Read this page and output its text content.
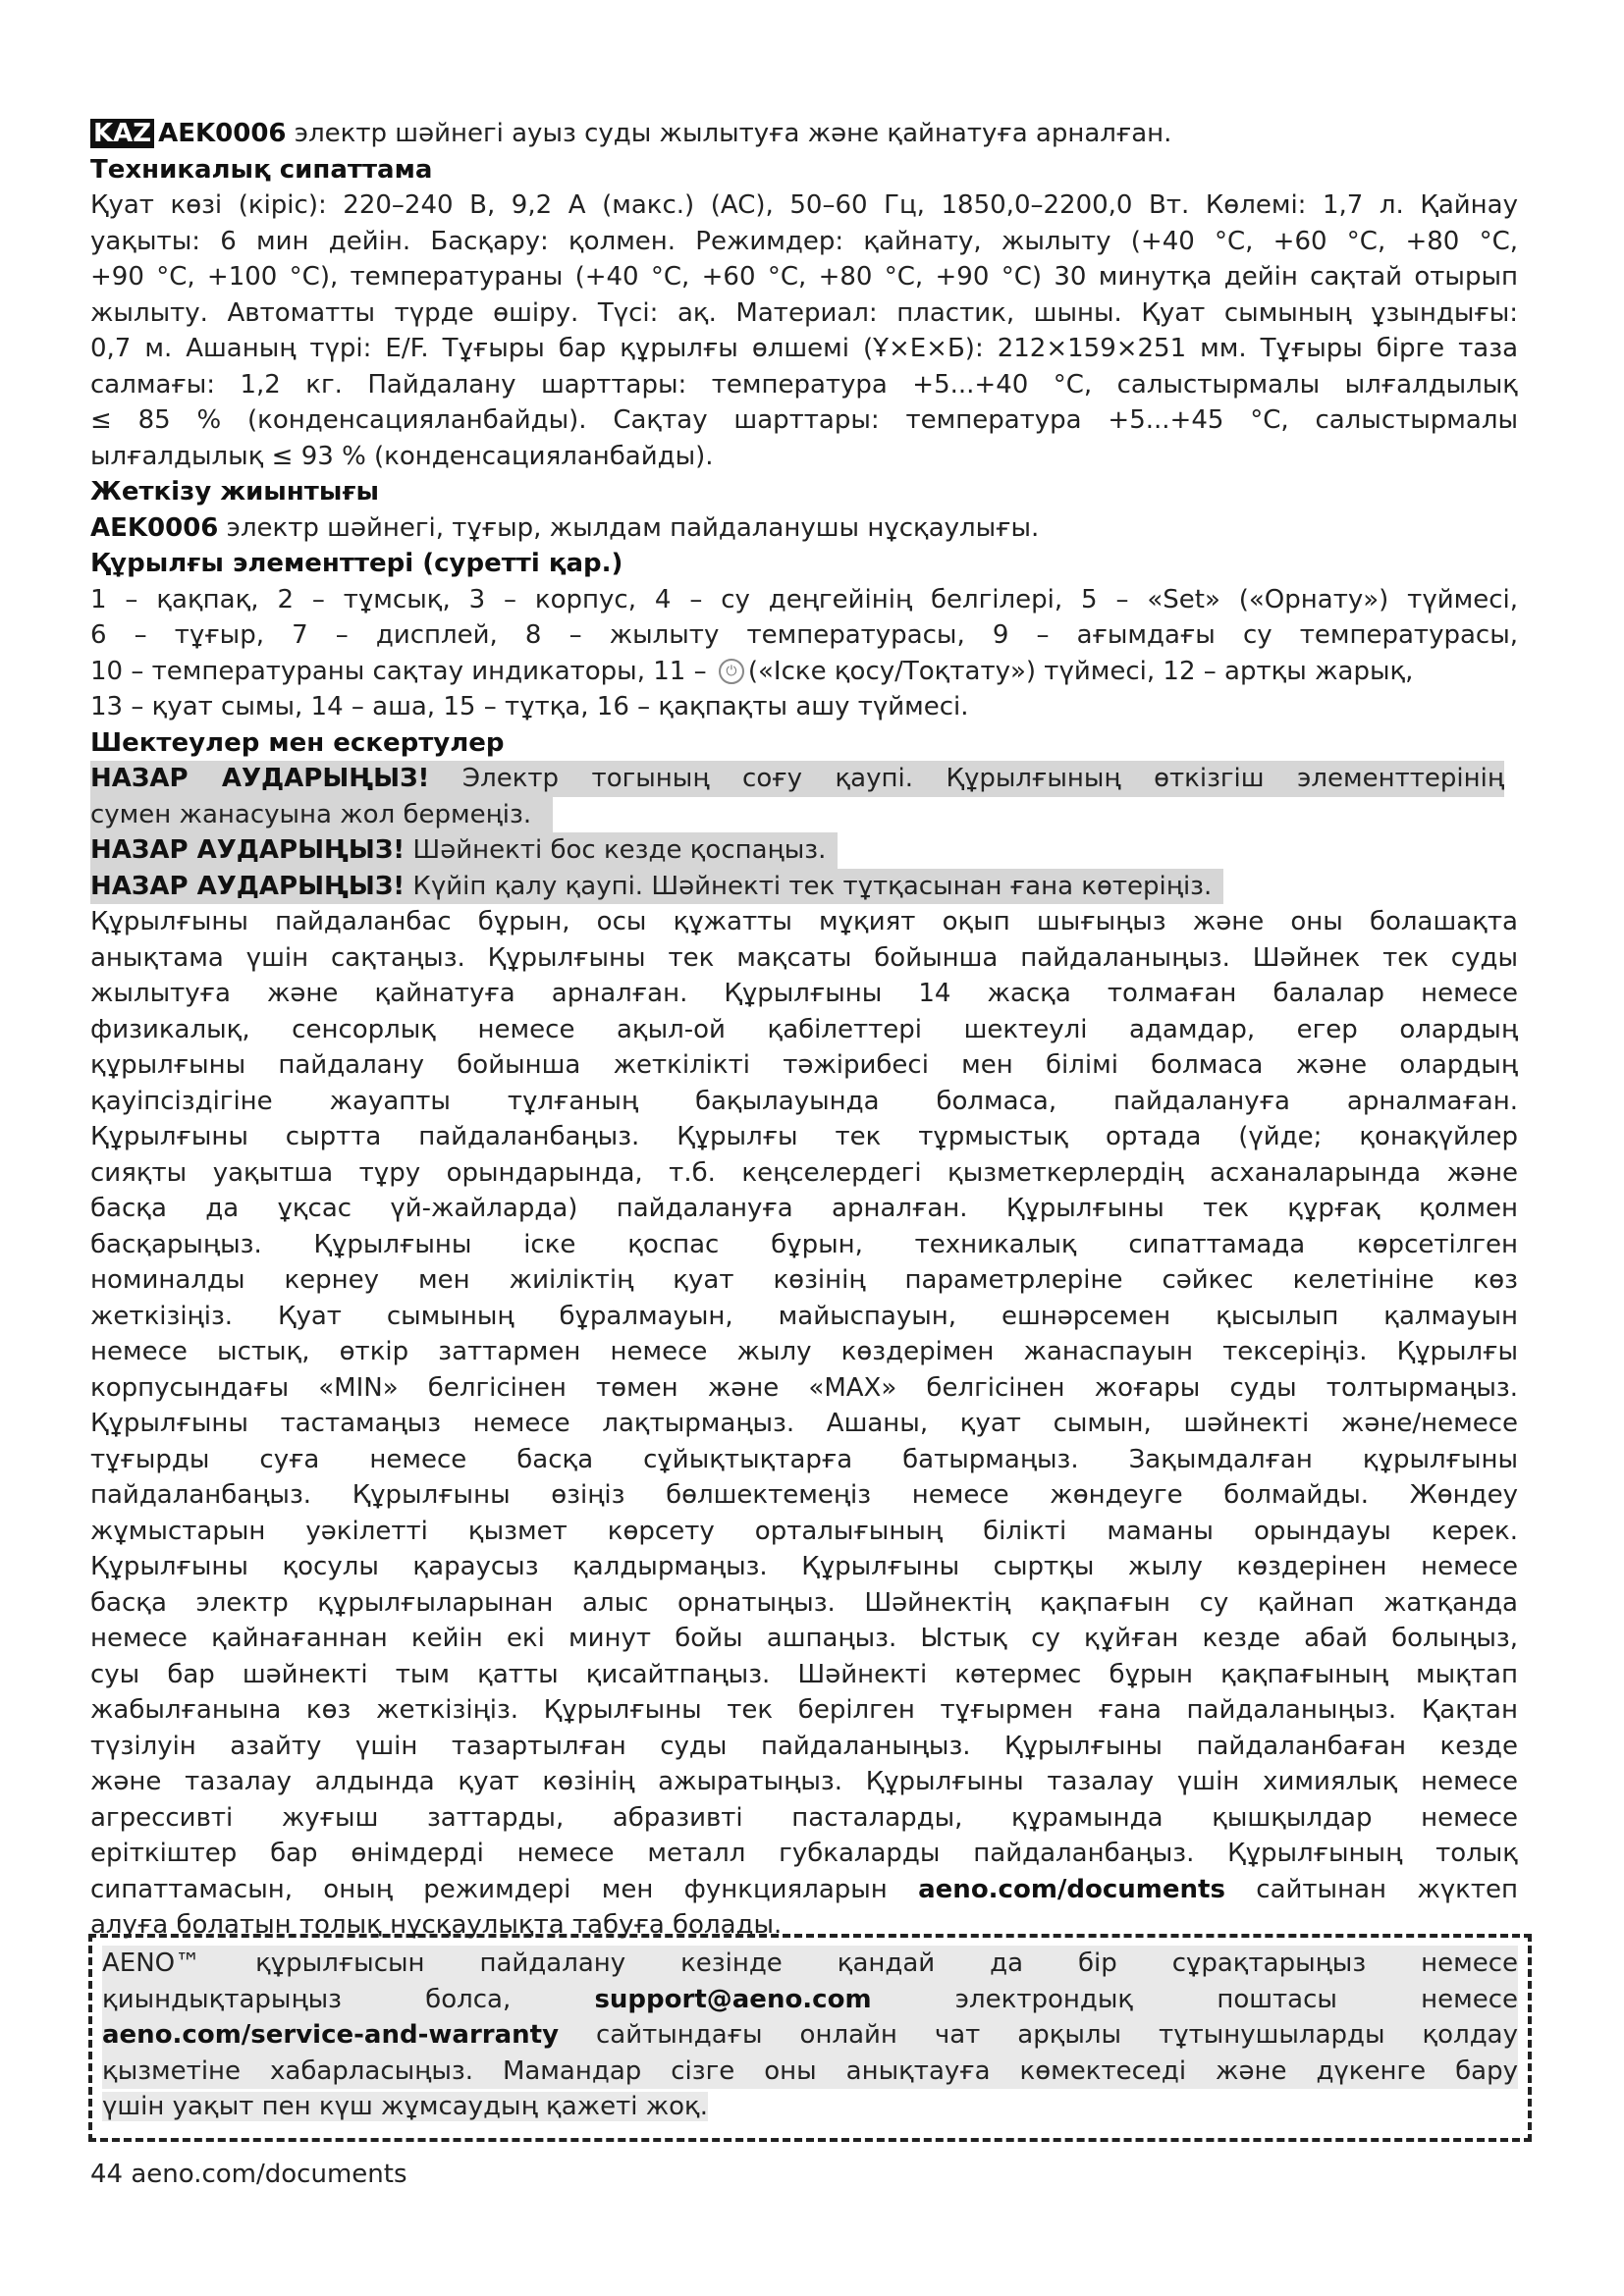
KAZ AEK0006 электр шәйнегі ауыз суды жылытуға және қайнатуға арналған.
Техникалық сипаттама
Қуат көзі (кіріс): 220–240 В, 9,2 А (макс.) (AC), 50–60 Гц, 1850,0–2200,0 Вт. Көлемі: 1,7 л. Қайнау
уақыты: 6 мин дейін. Басқару: қолмен. Режимдер: қайнату, жылыту (+40 °С, +60 °С, +80 °С,
+90 °С, +100 °С), температураны (+40 °С, +60 °С, +80 °С, +90 °С) 30 минутқа дейін сақтай отырып
жылыту. Автоматты түрде өшіру. Түсі: ақ. Материал: пластик, шыны. Қуат сымының ұзындығы:
0,7 м. Ашаның түрі: E/F. Тұғыры бар құрылғы өлшемі (Ұ×Е×Б): 212×159×251 мм. Тұғыры бірге таза
салмағы: 1,2 кг. Пайдалану шарттары: температура +5...+40 °С, салыстырмалы ылғалдылық
≤ 85 % (конденсацияланбайды). Сақтау шарттары: температура +5...+45 °С, салыстырмалы
ылғалдылық ≤ 93 % (конденсацияланбайды).
Жеткізу жиынтығы
AEK0006 электр шәйнегі, тұғыр, жылдам пайдаланушы нұсқаулығы.
Құрылғы элементтері (суретті қар.)
1 – қақпақ, 2 – тұмсық, 3 – корпус, 4 – су деңгейінің белгілері, 5 – «Set» («Орнату») түймесі,
6 – тұғыр, 7 – дисплей, 8 – жылыту температурасы, 9 – ағымдағы су температурасы,
10 – температураны сақтау индикаторы, 11 – ⏻ («Іске қосу/Тоқтату») түймесі, 12 – артқы жарық,
13 – қуат сымы, 14 – аша, 15 – тұтқа, 16 – қақпақты ашу түймесі.
Шектеулер мен ескертулер
НАЗАР АУДАРЫҢЫЗ! Электр тогының соғу қаупі. Құрылғының өткізгіш элементтерінің
сумен жанасуына жол бермеңіз.
НАЗАР АУДАРЫҢЫЗ! Шәйнекті бос кезде қоспаңыз.
НАЗАР АУДАРЫҢЫЗ! Күйіп қалу қаупі. Шәйнекті тек тұтқасынан ғана көтеріңіз.
Құрылғыны пайдаланбас бұрын, осы құжатты мұқият оқып шығыңыз және оны болашақта
анықтама үшін сақтаңыз. Құрылғыны тек мақсаты бойынша пайдаланыңыз. Шәйнек тек суды
жылытуға және қайнатуға арналған. Құрылғыны 14 жасқа толмаған балалар немесе
физикалық, сенсорлық немесе ақыл-ой қабілеттері шектеулі адамдар, егер олардың
құрылғыны пайдалану бойынша жеткілікті тәжірибесі мен білімі болмаса және олардың
қауіпсіздігіне жауапты тұлғаның бақылауында болмаса, пайдалануға арналмаған.
Құрылғыны сыртта пайдаланбаңыз. Құрылғы тек тұрмыстық ортада (үйде; қонақүйлер
сияқты уақытша тұру орындарында, т.б. кеңселердегі қызметкерлердің асханаларында және
басқа да ұқсас үй-жайларда) пайдалануға арналған. Құрылғыны тек құрғақ қолмен
басқарыңыз. Құрылғыны іске қоспас бұрын, техникалық сипаттамада көрсетілген
номиналды кернеу мен жиіліктің қуат көзінің параметрлеріне сәйкес келетініне көз
жеткізіңіз. Қуат сымының бұралмауын, майыспауын, ешнәрсемен қысылып қалмауын
немесе ыстық, өткір заттармен немесе жылу көздерімен жанаспауын тексеріңіз. Құрылғы
корпусындағы «MIN» белгісінен төмен және «MAX» белгісінен жоғары суды толтырмаңыз.
Құрылғыны тастамаңыз немесе лақтырмаңыз. Ашаны, қуат сымын, шәйнекті және/немесе
тұғырды суға немесе басқа сұйықтықтарға батырмаңыз. Зақымдалған құрылғыны
пайдаланбаңыз. Құрылғыны өзіңіз бөлшектемеңіз немесе жөндеуге болмайды. Жөндеу
жұмыстарын уәкілетті қызмет көрсету орталығының білікті маманы орындауы керек.
Құрылғыны қосулы қараусыз қалдырмаңыз. Құрылғыны сыртқы жылу көздерінен немесе
басқа электр құрылғыларынан алыс орнатыңыз. Шәйнектің қақпағын су қайнап жатқанда
немесе қайнағаннан кейін екі минут бойы ашпаңыз. Ыстық су құйған кезде абай болыңыз,
суы бар шәйнекті тым қатты қисайтпаңыз. Шәйнекті көтермес бұрын қақпағының мықтап
жабылғанына көз жеткізіңіз. Құрылғыны тек берілген тұғырмен ғана пайдаланыңыз. Қақтан
түзілуін азайту үшін тазартылған суды пайдаланыңыз. Құрылғыны пайдаланбаған кезде
және тазалау алдында қуат көзінің ажыратыңыз. Құрылғыны тазалау үшін химиялық немесе
агрессивті жуғыш заттарды, абразивті пасталарды, құрамында қышқылдар немесе
еріткіштер бар өнімдерді немесе металл губкаларды пайдаланбаңыз. Құрылғының толық
сипаттамасын, оның режимдері мен функцияларын aeno.com/documents сайтынан жүктеп
алуға болатын толық нұсқаулықта табуға болады.
AENO™ құрылғысын пайдалану кезінде қандай да бір сұрақтарыңыз немесе
қиындықтарыңыз болса,	support@aeno.com	электрондық поштасы немесе
aeno.com/service-and-warranty сайтындағы онлайн чат арқылы тұтынушыларды қолдау
қызметіне хабарласыңыз. Мамандар сізге оны анықтауға көмектеседі және дүкенге бару
үшін уақыт пен күш жұмсаудың қажеті жоқ.
44 aeno.com/documents
